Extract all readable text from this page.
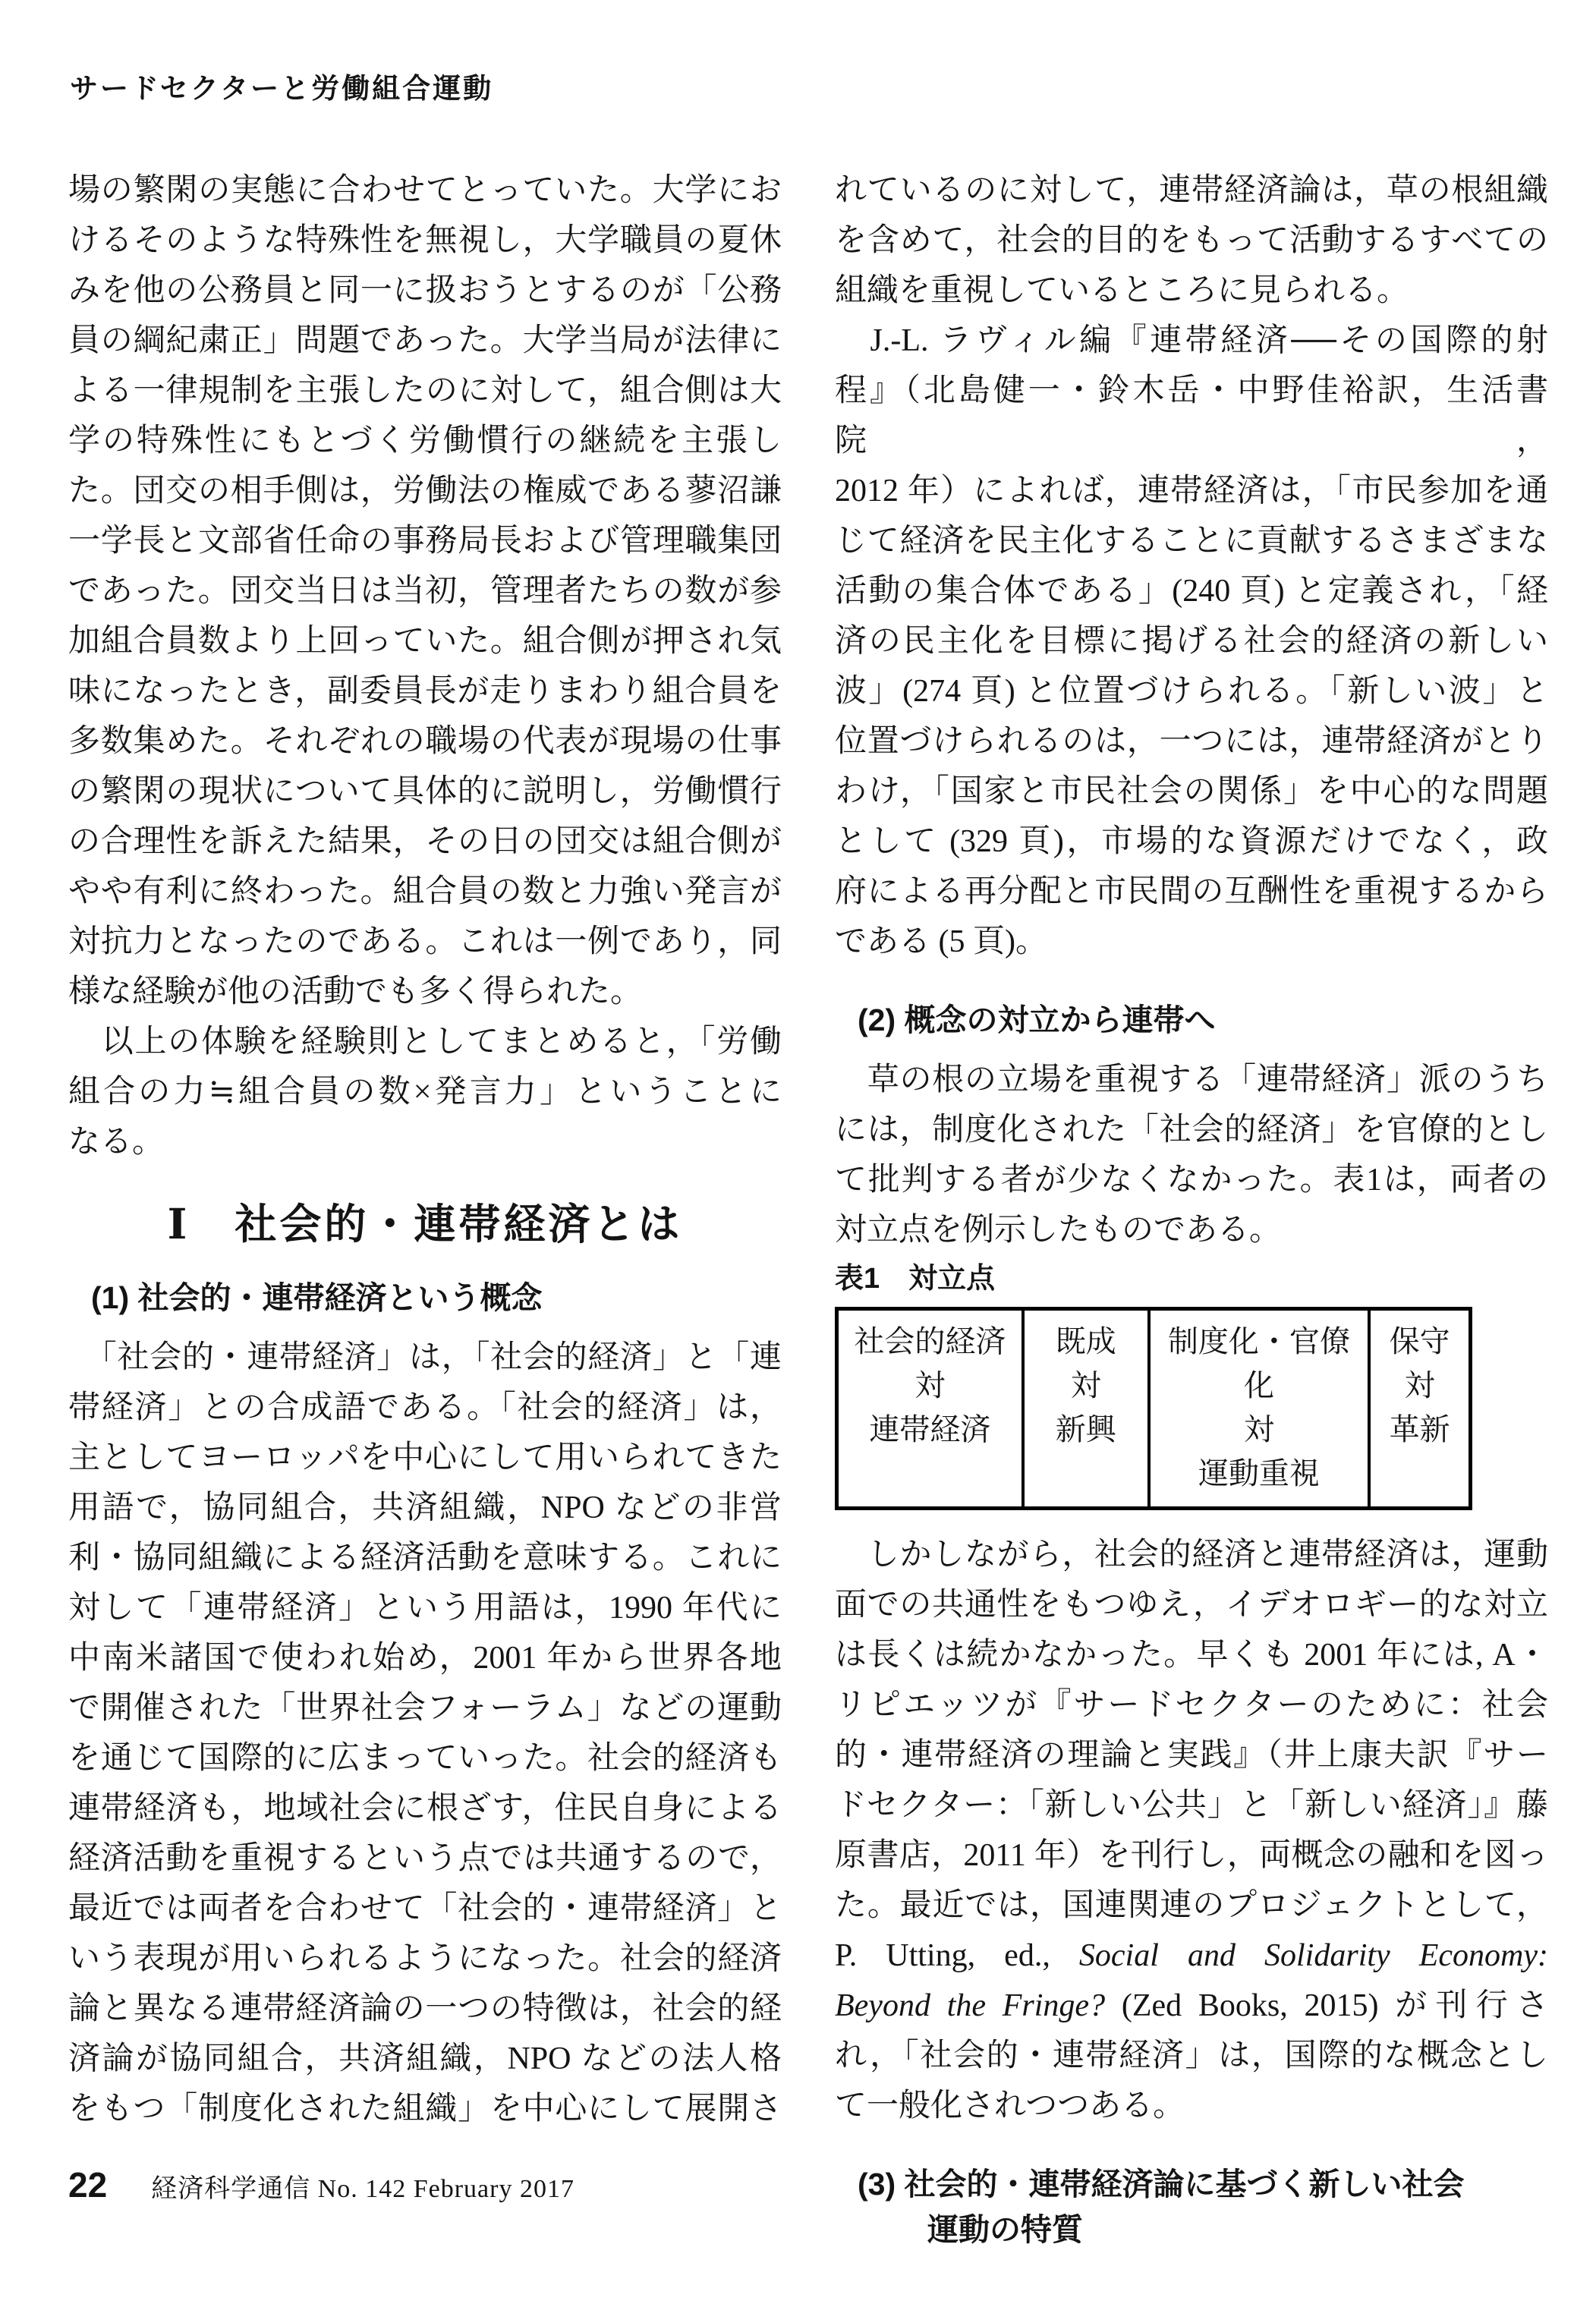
サードセクターと労働組合運動
場の繁閑の実態に合わせてとっていた。大学にお
けるそのような特殊性を無視し，大学職員の夏休
みを他の公務員と同一に扱おうとするのが「公務
員の綱紀粛正」問題であった。大学当局が法律に
よる一律規制を主張したのに対して，組合側は大
学の特殊性にもとづく労働慣行の継続を主張し
た。団交の相手側は，労働法の権威である蓼沼謙
一学長と文部省任命の事務局長および管理職集団
であった。団交当日は当初，管理者たちの数が参
加組合員数より上回っていた。組合側が押され気
味になったとき，副委員長が走りまわり組合員を
多数集めた。それぞれの職場の代表が現場の仕事
の繁閑の現状について具体的に説明し，労働慣行
の合理性を訴えた結果，その日の団交は組合側が
やや有利に終わった。組合員の数と力強い発言が
対抗力となったのである。これは一例であり，同
様な経験が他の活動でも多く得られた。
　以上の体験を経験則としてまとめると，「労働
組合の力≒組合員の数×発言力」ということに
なる。
Ⅰ　社会的・連帯経済とは
(1) 社会的・連帯経済という概念
　「社会的・連帯経済」は，「社会的経済」と「連
帯経済」との合成語である。「社会的経済」は，
主としてヨーロッパを中心にして用いられてきた
用語で，協同組合，共済組織，NPO などの非営
利・協同組織による経済活動を意味する。これに
対して「連帯経済」という用語は，1990 年代に
中南米諸国で使われ始め，2001 年から世界各地
で開催された「世界社会フォーラム」などの運動
を通じて国際的に広まっていった。社会的経済も
連帯経済も，地域社会に根ざす，住民自身による
経済活動を重視するという点では共通するので，
最近では両者を合わせて「社会的・連帯経済」と
いう表現が用いられるようになった。社会的経済
論と異なる連帯経済論の一つの特徴は，社会的経
済論が協同組合，共済組織，NPO などの法人格
をもつ「制度化された組織」を中心にして展開さ
れているのに対して，連帯経済論は，草の根組織
を含めて，社会的目的をもって活動するすべての
組織を重視しているところに見られる。
　J.-L. ラヴィル編『連帯経済──その国際的射
程』（北島健一・鈴木岳・中野佳裕訳，生活書院，
2012 年）によれば，連帯経済は，「市民参加を通
じて経済を民主化することに貢献するさまざまな
活動の集合体である」(240 頁) と定義され，「経
済の民主化を目標に掲げる社会的経済の新しい
波」(274 頁) と位置づけられる。「新しい波」と
位置づけられるのは，一つには，連帯経済がとり
わけ，「国家と市民社会の関係」を中心的な問題
として (329 頁)，市場的な資源だけでなく，政
府による再分配と市民間の互酬性を重視するから
である (5 頁)。
(2) 概念の対立から連帯へ
　草の根の立場を重視する「連帯経済」派のうち
には，制度化された「社会的経済」を官僚的とし
て批判する者が少なくなかった。表1は，両者の
対立点を例示したものである。
表1　対立点
社会的経済
対
連帯経済
既成
対
新興
制度化・官僚化
対
運動重視
保守
対
革新
　しかしながら，社会的経済と連帯経済は，運動
面での共通性をもつゆえ，イデオロギー的な対立
は長くは続かなかった。早くも 2001 年には, A・
リピエッツが『サードセクターのために：社会
的・連帯経済の理論と実践』（井上康夫訳『サー
ドセクター：「新しい公共」と「新しい経済」』藤
原書店，2011 年）を刊行し，両概念の融和を図っ
た。最近では，国連関連のプロジェクトとして，
P. Utting, ed., Social and Solidarity Economy:
Beyond the Fringe? (Zed Books, 2015) が刊行さ
れ，「社会的・連帯経済」は，国際的な概念とし
て一般化されつつある。
(3) 社会的・連帯経済論に基づく新しい社会
運動の特質
22 経済科学通信 No. 142 February 2017
